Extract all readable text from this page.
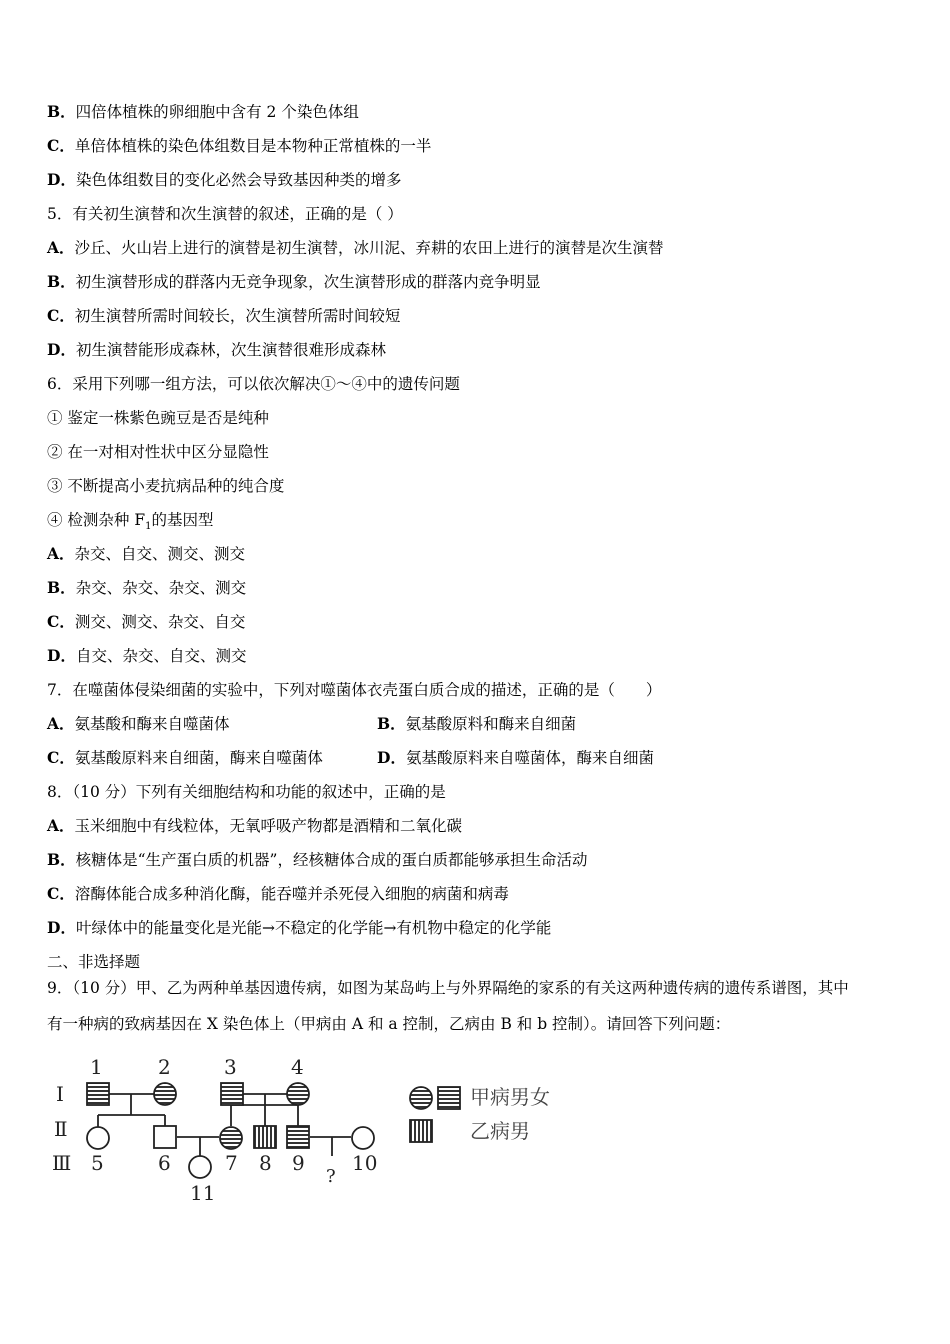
B．四倍体植株的卵细胞中含有 2 个染色体组
C．单倍体植株的染色体组数目是本物种正常植株的一半
D．染色体组数目的变化必然会导致基因种类的增多
5．有关初生演替和次生演替的叙述，正确的是（ ）
A．沙丘、火山岩上进行的演替是初生演替，冰川泥、弃耕的农田上进行的演替是次生演替
B．初生演替形成的群落内无竞争现象，次生演替形成的群落内竞争明显
C．初生演替所需时间较长，次生演替所需时间较短
D．初生演替能形成森林，次生演替很难形成森林
6．采用下列哪一组方法，可以依次解决①～④中的遗传问题
① 鉴定一株紫色豌豆是否是纯种
② 在一对相对性状中区分显隐性
③ 不断提高小麦抗病品种的纯合度
④ 检测杂种 $F_1$的基因型
A．杂交、自交、测交、测交
B．杂交、杂交、杂交、测交
C．测交、测交、杂交、自交
D．自交、杂交、自交、测交
7．在噬菌体侵染细菌的实验中，下列对噬菌体衣壳蛋白质合成的描述，正确的是（　　）
A．氨基酸和酶来自噬菌体	B．氨基酸原料和酶来自细菌
C．氨基酸原料来自细菌，酶来自噬菌体	D．氨基酸原料来自噬菌体，酶来自细菌
8．（10 分）下列有关细胞结构和功能的叙述中，正确的是
A．玉米细胞中有线粒体，无氧呼吸产物都是酒精和二氧化碳
B．核糖体是“生产蛋白质的机器”，经核糖体合成的蛋白质都能够承担生命活动
C．溶酶体能合成多种消化酶，能吞噬并杀死侵入细胞的病菌和病毒
D．叶绿体中的能量变化是光能→不稳定的化学能→有机物中稳定的化学能
二、非选择题
9．（10 分）甲、乙为两种单基因遗传病，如图为某岛屿上与外界隔绝的家系的有关这两种遗传病的遗传系谱图，其中
有一种病的致病基因在 X 染色体上（甲病由 A 和 a 控制，乙病由 B 和 b 控制）。请回答下列问题：
Ⅰ
Ⅱ
Ⅲ
1	2	3	4
5	6	7 8 9 10
11
?
甲病男女
乙病男
